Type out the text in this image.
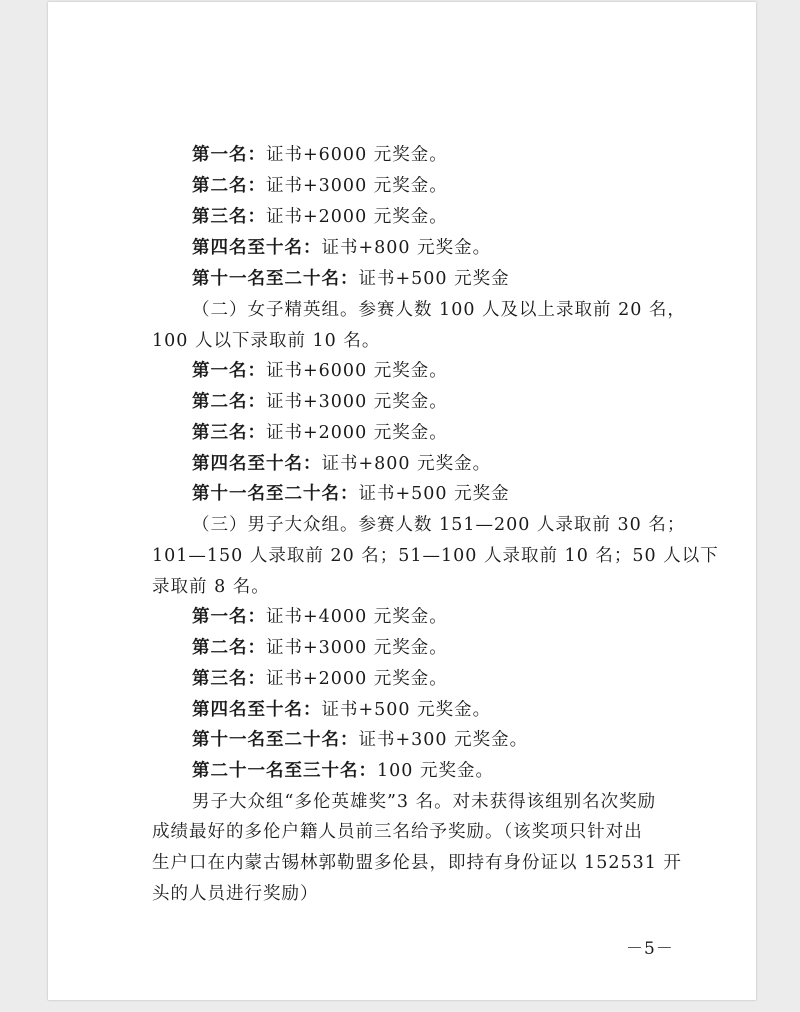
第一名：证书+6000 元奖金。
第二名：证书+3000 元奖金。
第三名：证书+2000 元奖金。
第四名至十名：证书+800 元奖金。
第十一名至二十名：证书+500 元奖金
（二）女子精英组。参赛人数 100 人及以上录取前 20 名，
100 人以下录取前 10 名。
第一名：证书+6000 元奖金。
第二名：证书+3000 元奖金。
第三名：证书+2000 元奖金。
第四名至十名：证书+800 元奖金。
第十一名至二十名：证书+500 元奖金
（三）男子大众组。参赛人数 151—200 人录取前 30 名；
101—150 人录取前 20 名；51—100 人录取前 10 名；50 人以下
录取前 8 名。
第一名：证书+4000 元奖金。
第二名：证书+3000 元奖金。
第三名：证书+2000 元奖金。
第四名至十名：证书+500 元奖金。
第十一名至二十名：证书+300 元奖金。
第二十一名至三十名：100 元奖金。
男子大众组“多伦英雄奖”3 名。对未获得该组别名次奖励
成绩最好的多伦户籍人员前三名给予奖励。（该奖项只针对出
生户口在内蒙古锡林郭勒盟多伦县，即持有身份证以 152531 开
头的人员进行奖励）
－5－
